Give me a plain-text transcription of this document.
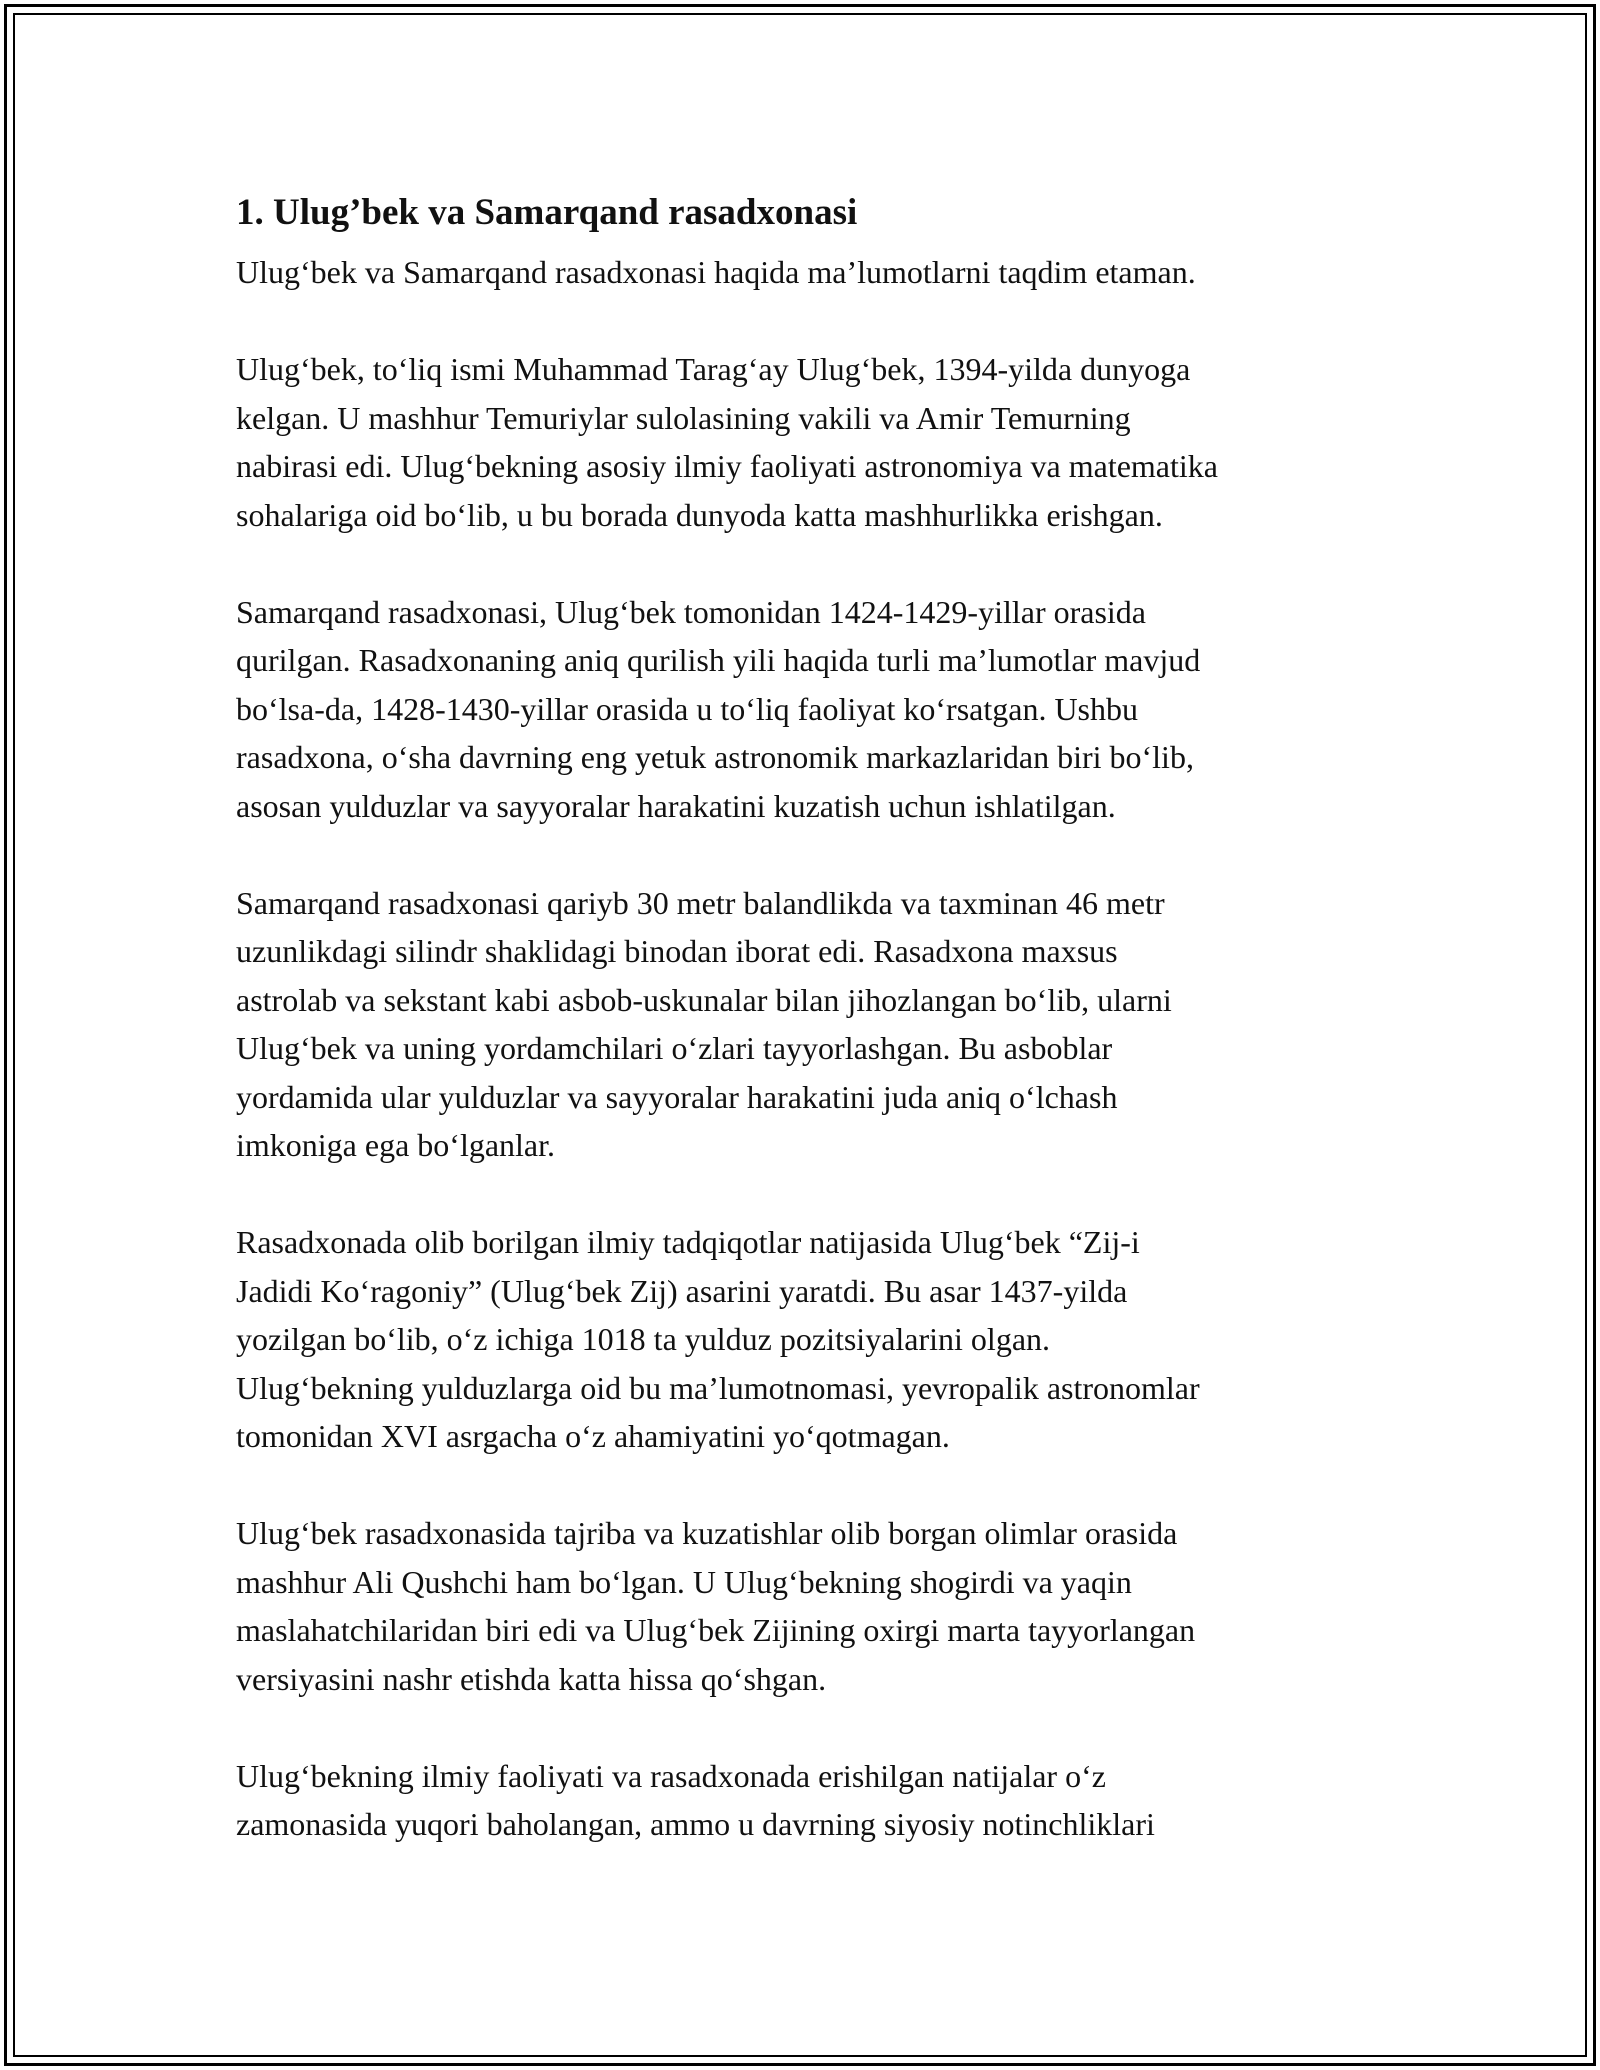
1. Ulug’bek va Samarqand rasadxonasi
Ulug‘bek va Samarqand rasadxonasi haqida ma’lumotlarni taqdim etaman.
Ulug‘bek, to‘liq ismi Muhammad Tarag‘ay Ulug‘bek, 1394-yilda dunyoga
kelgan. U mashhur Temuriylar sulolasining vakili va Amir Temurning
nabirasi edi. Ulug‘bekning asosiy ilmiy faoliyati astronomiya va matematika
sohalariga oid bo‘lib, u bu borada dunyoda katta mashhurlikka erishgan.
Samarqand rasadxonasi, Ulug‘bek tomonidan 1424-1429-yillar orasida
qurilgan. Rasadxonaning aniq qurilish yili haqida turli ma’lumotlar mavjud
bo‘lsa-da, 1428-1430-yillar orasida u to‘liq faoliyat ko‘rsatgan. Ushbu
rasadxona, o‘sha davrning eng yetuk astronomik markazlaridan biri bo‘lib,
asosan yulduzlar va sayyoralar harakatini kuzatish uchun ishlatilgan.
Samarqand rasadxonasi qariyb 30 metr balandlikda va taxminan 46 metr
uzunlikdagi silindr shaklidagi binodan iborat edi. Rasadxona maxsus
astrolab va sekstant kabi asbob-uskunalar bilan jihozlangan bo‘lib, ularni
Ulug‘bek va uning yordamchilari o‘zlari tayyorlashgan. Bu asboblar
yordamida ular yulduzlar va sayyoralar harakatini juda aniq o‘lchash
imkoniga ega bo‘lganlar.
Rasadxonada olib borilgan ilmiy tadqiqotlar natijasida Ulug‘bek “Zij-i
Jadidi Ko‘ragoniy” (Ulug‘bek Zij) asarini yaratdi. Bu asar 1437-yilda
yozilgan bo‘lib, o‘z ichiga 1018 ta yulduz pozitsiyalarini olgan.
Ulug‘bekning yulduzlarga oid bu ma’lumotnomasi, yevropalik astronomlar
tomonidan XVI asrgacha o‘z ahamiyatini yo‘qotmagan.
Ulug‘bek rasadxonasida tajriba va kuzatishlar olib borgan olimlar orasida
mashhur Ali Qushchi ham bo‘lgan. U Ulug‘bekning shogirdi va yaqin
maslahatchilaridan biri edi va Ulug‘bek Zijining oxirgi marta tayyorlangan
versiyasini nashr etishda katta hissa qo‘shgan.
Ulug‘bekning ilmiy faoliyati va rasadxonada erishilgan natijalar o‘z
zamonasida yuqori baholangan, ammo u davrning siyosiy notinchliklari
